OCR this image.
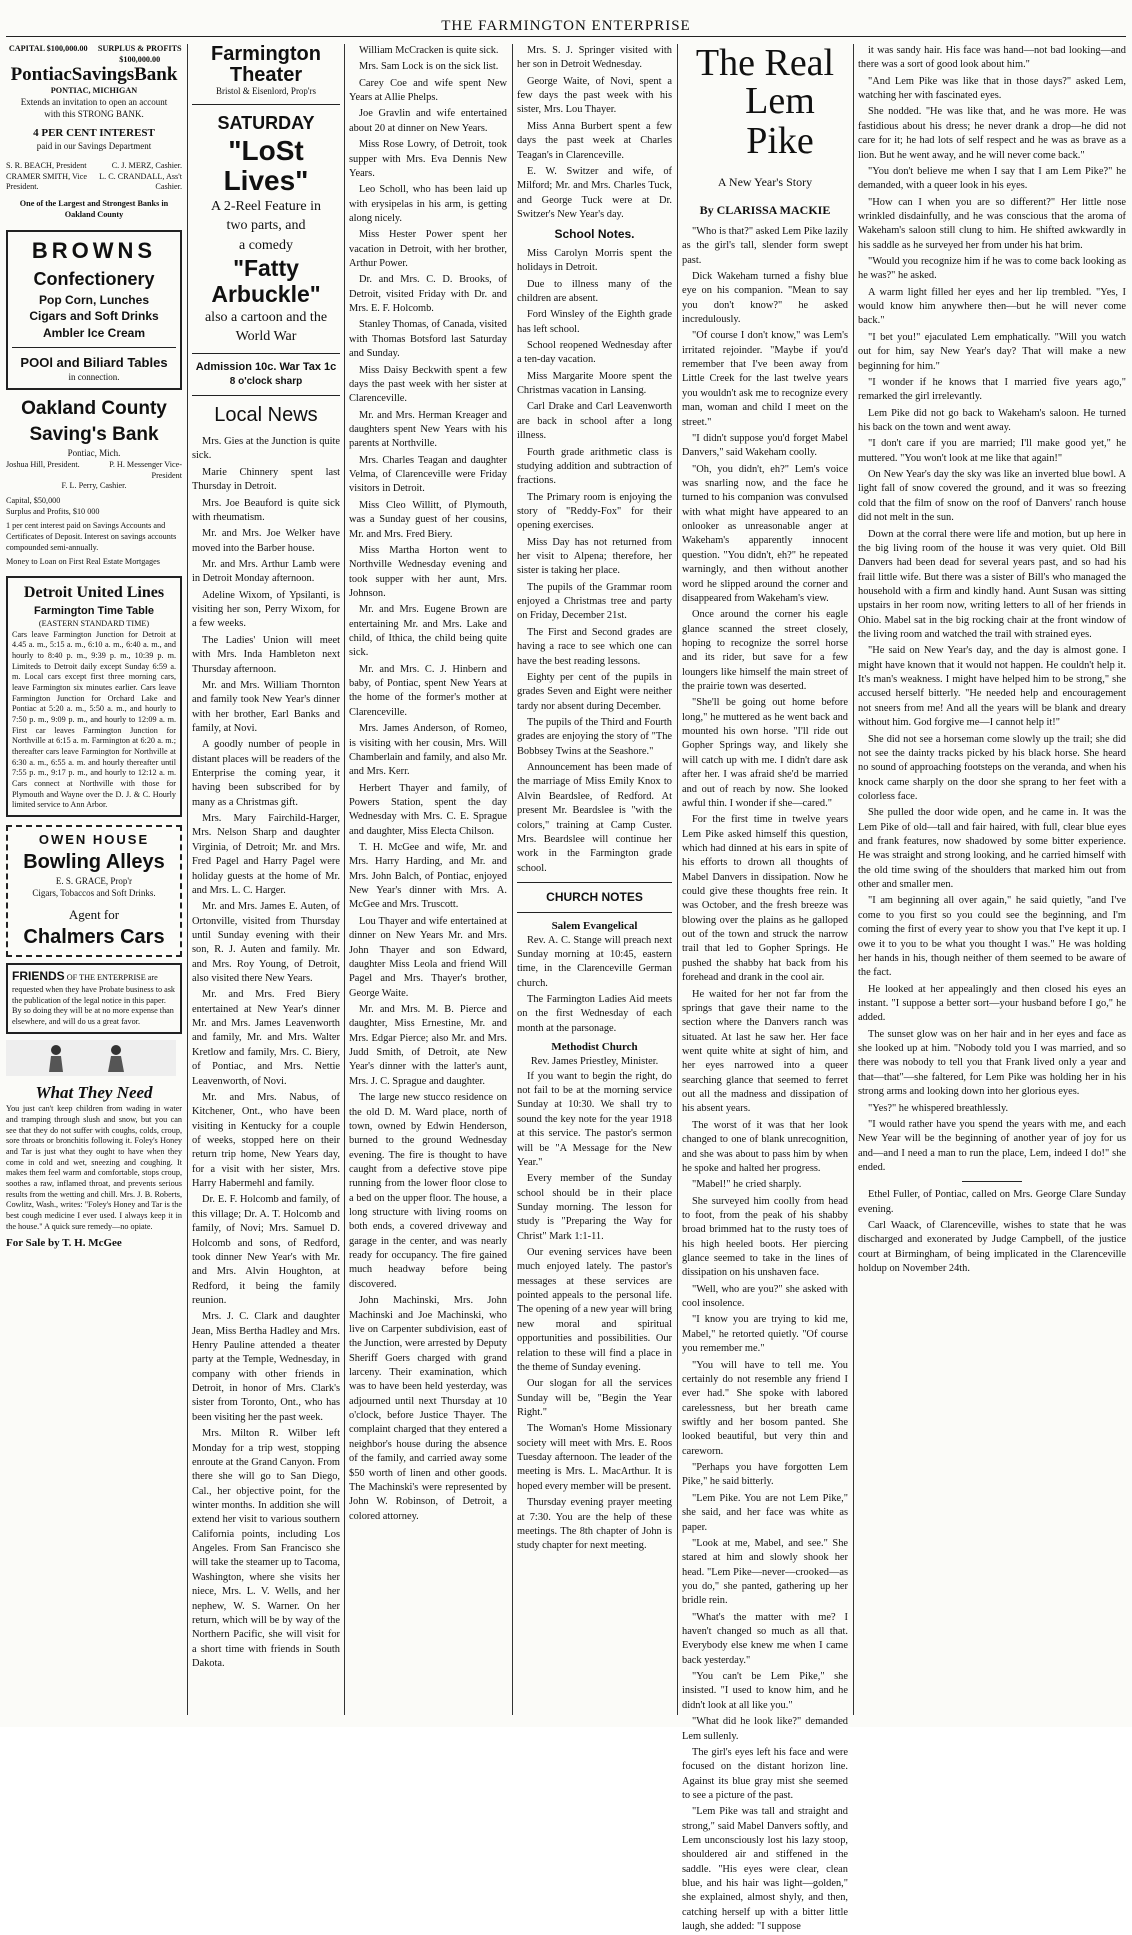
THE FARMINGTON ENTERPRISE
CAPITAL $100,000.00	SURPLUS & PROFITS $100,000.00
PontiacSavingsBank
PONTIAC, MICHIGAN
Extends an invitation to open an account
with this STRONG BANK.
4 PER CENT INTEREST
paid in our Savings Department
S. R. BEACH, President	C. J. MERZ, Cashier.
CRAMER SMITH, Vice President.
L. C. CRANDALL, Ass't Cashier.
One of the Largest and Strongest Banks in Oakland County
BROWNS
Confectionery
Pop Corn, Lunches
Cigars and Soft Drinks
Ambler Ice Cream
POOl and Biliard Tables
in connection.
Oakland County
Saving's Bank
Pontiac, Mich.
Joshua Hill, President.	P. H. Messenger Vice-President
F. L. Perry, Cashier.
Capital, $50,000
Surplus and Profits, $10 000
1 per cent interest paid on Savings Accounts and Certificates of Deposit. Interest on savings accounts compounded semi-annually.
Money to Loan on First Real Estate Mortgages
Detroit United Lines
Farmington Time Table
(EASTERN STANDARD TIME)
Cars leave Farmington Junction for Detroit at 4.45 a. m., 5:15 a. m., 6:10 a. m., 6:40 a. m., and hourly to 8:40 p. m., 9:39 p. m., 10:39 p. m. Limiteds to Detroit daily except Sunday 6:59 a. m. Local cars except first three morning cars, leave Farmington six minutes earlier. Cars leave Farmington Junction for Orchard Lake and Pontiac at 5:20 a. m., 5:50 a. m., and hourly to 7:50 p. m., 9:09 p. m., and hourly to 12:09 a. m. First car leaves Farmington Junction for Northville at 6:15 a. m. Farmington at 6:20 a. m.; thereafter cars leave Farmington for Northville at 6:30 a. m., 6:55 a. m. and hourly thereafter until 7:55 p. m., 9:17 p. m., and hourly to 12:12 a. m. Cars connect at Northville with those for Plymouth and Wayne over the D. J. & C. Hourly limited service to Ann Arbor.
OWEN HOUSE
Bowling Alleys
E. S. GRACE, Prop'r
Cigars, Tobaccos and Soft Drinks.
Agent for
Chalmers Cars
FRIENDS OF THE ENTERPRISE are requested when they have Probate business to ask the publication of the legal notice in this paper. By so doing they will be at no more expense than elsewhere, and will do us a great favor.
What They Need
You just can't keep children from wading in water and tramping through slush and snow, but you can see that they do not suffer with coughs, colds, croup, sore throats or bronchitis following it. Foley's Honey and Tar is just what they ought to have when they come in cold and wet, sneezing and coughing. It makes them feel warm and comfortable, stops croup, soothes a raw, inflamed throat, and prevents serious results from the wetting and chill. Mrs. J. B. Roberts, Cowlitz, Wash., writes: "Foley's Honey and Tar is the best cough medicine I ever used. I always keep it in the house." A quick sure remedy—no opiate.
For Sale by T. H. McGee
Farmington Theater
Bristol & Eisenlord, Prop'rs
SATURDAY
"LoSt Lives"
A 2-Reel Feature in
two parts, and
a comedy
"Fatty Arbuckle"
also a cartoon and the
World War
Admission 10c. War Tax 1c
8 o'clock sharp
Local News

Mrs. Gies at the Junction is quite sick.

Marie Chinnery spent last Thursday in Detroit.

Mrs. Joe Beauford is quite sick with rheumatism.

Mr. and Mrs. Joe Welker have moved into the Barber house.

Mr. and Mrs. Arthur Lamb were in Detroit Monday afternoon.

Adeline Wixom, of Ypsilanti, is visiting her son, Perry Wixom, for a few weeks.

The Ladies' Union will meet with Mrs. Inda Hambleton next Thursday afternoon.

Mr. and Mrs. William Thornton and family took New Year's dinner with her brother, Earl Banks and family, at Novi.

A goodly number of people in distant places will be readers of the Enterprise the coming year, it having been subscribed for by many as a Christmas gift.

Mrs. Mary Fairchild-Harger, Mrs. Nelson Sharp and daughter Virginia, of Detroit; Mr. and Mrs. Fred Pagel and Harry Pagel were holiday guests at the home of Mr. and Mrs. L. C. Harger.

Mr. and Mrs. James E. Auten, of Ortonville, visited from Thursday until Sunday evening with their son, R. J. Auten and family. Mr. and Mrs. Roy Young, of Detroit, also visited there New Years.

Mr. and Mrs. Fred Biery entertained at New Year's dinner Mr. and Mrs. James Leavenworth and family, Mr. and Mrs. Walter Kretlow and family, Mrs. C. Biery, of Pontiac, and Mrs. Nettie Leavenworth, of Novi.

Mr. and Mrs. Nabus, of Kitchener, Ont., who have been visiting in Kentucky for a couple of weeks, stopped here on their return trip home, New Years day, for a visit with her sister, Mrs. Harry Habermehl and family.

Dr. E. F. Holcomb and family, of this village; Dr. A. T. Holcomb and family, of Novi; Mrs. Samuel D. Holcomb and sons, of Redford, took dinner New Year's with Mr. and Mrs. Alvin Houghton, at Redford, it being the family reunion.

Mrs. J. C. Clark and daughter Jean, Miss Bertha Hadley and Mrs. Henry Pauline attended a theater party at the Temple, Wednesday, in company with other friends in Detroit, in honor of Mrs. Clark's sister from Toronto, Ont., who has been visiting her the past week.

Mrs. Milton R. Wilber left Monday for a trip west, stopping enroute at the Grand Canyon. From there she will go to San Diego, Cal., her objective point, for the winter months. In addition she will extend her visit to various southern California points, including Los Angeles. From San Francisco she will take the steamer up to Tacoma, Washington, where she visits her niece, Mrs. L. V. Wells, and her nephew, W. S. Warner. On her return, which will be by way of the Northern Pacific, she will visit for a short time with friends in South Dakota.

William McCracken is quite sick.

Mrs. Sam Lock is on the sick list.

Carey Coe and wife spent New Years at Allie Phelps.

Joe Gravlin and wife entertained about 20 at dinner on New Years.

Miss Rose Lowry, of Detroit, took supper with Mrs. Eva Dennis New Years.

Leo Scholl, who has been laid up with erysipelas in his arm, is getting along nicely.

Miss Hester Power spent her vacation in Detroit, with her brother, Arthur Power.

Dr. and Mrs. C. D. Brooks, of Detroit, visited Friday with Dr. and Mrs. E. F. Holcomb.

Stanley Thomas, of Canada, visited with Thomas Botsford last Saturday and Sunday.

Miss Daisy Beckwith spent a few days the past week with her sister at Clarenceville.

Mr. and Mrs. Herman Kreager and daughters spent New Years with his parents at Northville.

Mrs. Charles Teagan and daughter Velma, of Clarenceville were Friday visitors in Detroit.

Miss Cleo Willitt, of Plymouth, was a Sunday guest of her cousins, Mr. and Mrs. Fred Biery.

Miss Martha Horton went to Northville Wednesday evening and took supper with her aunt, Mrs. Johnson.

Mr. and Mrs. Eugene Brown are entertaining Mr. and Mrs. Lake and child, of Ithica, the child being quite sick.

Mr. and Mrs. C. J. Hinbern and baby, of Pontiac, spent New Years at the home of the former's mother at Clarenceville.

Mrs. James Anderson, of Romeo, is visiting with her cousin, Mrs. Will Chamberlain and family, and also Mr. and Mrs. Kerr.

Herbert Thayer and family, of Powers Station, spent the day Wednesday with Mrs. C. E. Sprague and daughter, Miss Electa Chilson.

T. H. McGee and wife, Mr. and Mrs. Harry Harding, and Mr. and Mrs. John Balch, of Pontiac, enjoyed New Year's dinner with Mrs. A. McGee and Mrs. Truscott.

Lou Thayer and wife entertained at dinner on New Years Mr. and Mrs. John Thayer and son Edward, daughter Miss Leola and friend Will Pagel and Mrs. Thayer's brother, George Waite.

Mr. and Mrs. M. B. Pierce and daughter, Miss Ernestine, Mr. and Mrs. Edgar Pierce; also Mr. and Mrs. Judd Smith, of Detroit, ate New Year's dinner with the latter's aunt, Mrs. J. C. Sprague and daughter.

The large new stucco residence on the old D. M. Ward place, north of town, owned by Edwin Henderson, burned to the ground Wednesday evening. The fire is thought to have caught from a defective stove pipe running from the lower floor close to a bed on the upper floor. The house, a long structure with living rooms on both ends, a covered driveway and garage in the center, and was nearly ready for occupancy. The fire gained much headway before being discovered.

John Machinski, Mrs. John Machinski and Joe Machinski, who live on Carpenter subdivision, east of the Junction, were arrested by Deputy Sheriff Goers charged with grand larceny. Their examination, which was to have been held yesterday, was adjourned until next Thursday at 10 o'clock, before Justice Thayer. The complaint charged that they entered a neighbor's house during the absence of the family, and carried away some $50 worth of linen and other goods. The Machinski's were represented by John W. Robinson, of Detroit, a colored attorney.

Mrs. S. J. Springer visited with her son in Detroit Wednesday.

George Waite, of Novi, spent a few days the past week with his sister, Mrs. Lou Thayer.

Miss Anna Burbert spent a few days the past week at Charles Teagan's in Clarenceville.

E. W. Switzer and wife, of Milford; Mr. and Mrs. Charles Tuck, and George Tuck were at Dr. Switzer's New Year's day.

School Notes.

Miss Carolyn Morris spent the holidays in Detroit.

Due to illness many of the children are absent.

Ford Winsley of the Eighth grade has left school.

School reopened Wednesday after a ten-day vacation.

Miss Margarite Moore spent the Christmas vacation in Lansing.

Carl Drake and Carl Leavenworth are back in school after a long illness.

Fourth grade arithmetic class is studying addition and subtraction of fractions.

The Primary room is enjoying the story of "Reddy-Fox" for their opening exercises.

Miss Day has not returned from her visit to Alpena; therefore, her sister is taking her place.

The pupils of the Grammar room enjoyed a Christmas tree and party on Friday, December 21st.

The First and Second grades are having a race to see which one can have the best reading lessons.

Eighty per cent of the pupils in grades Seven and Eight were neither tardy nor absent during December.

The pupils of the Third and Fourth grades are enjoying the story of "The Bobbsey Twins at the Seashore."

Announcement has been made of the marriage of Miss Emily Knox to Alvin Beardslee, of Redford. At present Mr. Beardslee is "with the colors," training at Camp Custer. Mrs. Beardslee will continue her work in the Farmington grade school.

CHURCH NOTES
Salem Evangelical

Rev. A. C. Stange will preach next Sunday morning at 10:45, eastern time, in the Clarenceville German church.

The Farmington Ladies Aid meets on the first Wednesday of each month at the parsonage.

Methodist Church
Rev. James Priestley, Minister.

If you want to begin the right, do not fail to be at the morning service Sunday at 10:30. We shall try to sound the key note for the year 1918 at this service. The pastor's sermon will be "A Message for the New Year."

Every member of the Sunday school should be in their place Sunday morning. The lesson for study is "Preparing the Way for Christ" Mark 1:1-11.

Our evening services have been much enjoyed lately. The pastor's messages at these services are pointed appeals to the personal life. The opening of a new year will bring new moral and spiritual opportunities and possibilities. Our relation to these will find a place in the theme of Sunday evening.

Our slogan for all the services Sunday will be, "Begin the Year Right."

The Woman's Home Missionary society will meet with Mrs. E. Roos Tuesday afternoon. The leader of the meeting is Mrs. L. MacArthur. It is hoped every member will be present.

Thursday evening prayer meeting at 7:30. You are the help of these meetings. The 8th chapter of John is study chapter for next meeting.

The Real
Lem Pike
A New Year's Story
By CLARISSA MACKIE

"Who is that?" asked Lem Pike lazily as the girl's tall, slender form swept past.

Dick Wakeham turned a fishy blue eye on his companion. "Mean to say you don't know?" he asked incredulously.

"Of course I don't know," was Lem's irritated rejoinder. "Maybe if you'd remember that I've been away from Little Creek for the last twelve years you wouldn't ask me to recognize every man, woman and child I meet on the street."

"I didn't suppose you'd forget Mabel Danvers," said Wakeham coolly.

"Oh, you didn't, eh?" Lem's voice was snarling now, and the face he turned to his companion was convulsed with what might have appeared to an onlooker as unreasonable anger at Wakeham's apparently innocent question. "You didn't, eh?" he repeated warningly, and then without another word he slipped around the corner and disappeared from Wakeham's view.

Once around the corner his eagle glance scanned the street closely, hoping to recognize the sorrel horse and its rider, but save for a few loungers like himself the main street of the prairie town was deserted.

"She'll be going out home before long," he muttered as he went back and mounted his own horse. "I'll ride out Gopher Springs way, and likely she will catch up with me. I didn't dare ask after her. I was afraid she'd be married and out of reach by now. She looked awful thin. I wonder if she—cared."

For the first time in twelve years Lem Pike asked himself this question, which had dinned at his ears in spite of his efforts to drown all thoughts of Mabel Danvers in dissipation. Now he could give these thoughts free rein. It was October, and the fresh breeze was blowing over the plains as he galloped out of the town and struck the narrow trail that led to Gopher Springs. He pushed the shabby hat back from his forehead and drank in the cool air.

He waited for her not far from the springs that gave their name to the section where the Danvers ranch was situated. At last he saw her. Her face went quite white at sight of him, and her eyes narrowed into a queer searching glance that seemed to ferret out all the madness and dissipation of his absent years.

The worst of it was that her look changed to one of blank unrecognition, and she was about to pass him by when he spoke and halted her progress.

"Mabel!" he cried sharply.

She surveyed him coolly from head to foot, from the peak of his shabby broad brimmed hat to the rusty toes of his high heeled boots. Her piercing glance seemed to take in the lines of dissipation on his unshaven face.

"Well, who are you?" she asked with cool insolence.

"I know you are trying to kid me, Mabel," he retorted quietly. "Of course you remember me."

"You will have to tell me. You certainly do not resemble any friend I ever had." She spoke with labored carelessness, but her breath came swiftly and her bosom panted. She looked beautiful, but very thin and careworn.

"Perhaps you have forgotten Lem Pike," he said bitterly.

"Lem Pike. You are not Lem Pike," she said, and her face was white as paper.

"Look at me, Mabel, and see." She stared at him and slowly shook her head. "Lem Pike—never—crooked—as you do," she panted, gathering up her bridle rein.

"What's the matter with me? I haven't changed so much as all that. Everybody else knew me when I came back yesterday."

"You can't be Lem Pike," she insisted. "I used to know him, and he didn't look at all like you."

"What did he look like?" demanded Lem sullenly.

The girl's eyes left his face and were focused on the distant horizon line. Against its blue gray mist she seemed to see a picture of the past.

"Lem Pike was tall and straight and strong," said Mabel Danvers softly, and Lem unconsciously lost his lazy stoop, shouldered air and stiffened in the saddle. "His eyes were clear, clean blue, and his hair was light—golden," she explained, almost shyly, and then, catching herself up with a bitter little laugh, she added: "I suppose

it was sandy hair. His face was hand—not bad looking—and there was a sort of good look about him."

"And Lem Pike was like that in those days?" asked Lem, watching her with fascinated eyes.

She nodded. "He was like that, and he was more. He was fastidious about his dress; he never drank a drop—he did not care for it; he had lots of self respect and he was as brave as a lion. But he went away, and he will never come back."

"You don't believe me when I say that I am Lem Pike?" he demanded, with a queer look in his eyes.

"How can I when you are so different?" Her little nose wrinkled disdainfully, and he was conscious that the aroma of Wakeham's saloon still clung to him. He shifted awkwardly in his saddle as he surveyed her from under his hat brim.

"Would you recognize him if he was to come back looking as he was?" he asked.

A warm light filled her eyes and her lip trembled. "Yes, I would know him anywhere then—but he will never come back."

"I bet you!" ejaculated Lem emphatically. "Will you watch out for him, say New Year's day? That will make a new beginning for him."

"I wonder if he knows that I married five years ago," remarked the girl irrelevantly.

Lem Pike did not go back to Wakeham's saloon. He turned his back on the town and went away.

"I don't care if you are married; I'll make good yet," he muttered. "You won't look at me like that again!"

On New Year's day the sky was like an inverted blue bowl. A light fall of snow covered the ground, and it was so freezing cold that the film of snow on the roof of Danvers' ranch house did not melt in the sun.

Down at the corral there were life and motion, but up here in the big living room of the house it was very quiet. Old Bill Danvers had been dead for several years past, and so had his frail little wife. But there was a sister of Bill's who managed the household with a firm and kindly hand. Aunt Susan was sitting upstairs in her room now, writing letters to all of her friends in Ohio. Mabel sat in the big rocking chair at the front window of the living room and watched the trail with strained eyes.

"He said on New Year's day, and the day is almost gone. I might have known that it would not happen. He couldn't help it. It's man's weakness. I might have helped him to be strong," she accused herself bitterly. "He needed help and encouragement not sneers from me! And all the years will be blank and dreary without him. God forgive me—I cannot help it!"

She did not see a horseman come slowly up the trail; she did not see the dainty tracks picked by his black horse. She heard no sound of approaching footsteps on the veranda, and when his knock came sharply on the door she sprang to her feet with a colorless face.

She pulled the door wide open, and he came in. It was the Lem Pike of old—tall and fair haired, with full, clear blue eyes and frank features, now shadowed by some bitter experience. He was straight and strong looking, and he carried himself with the old time swing of the shoulders that marked him out from other and smaller men.

"I am beginning all over again," he said quietly, "and I've come to you first so you could see the beginning, and I'm coming the first of every year to show you that I've kept it up. I owe it to you to be what you thought I was." He was holding her hands in his, though neither of them seemed to be aware of the fact.

He looked at her appealingly and then closed his eyes an instant. "I suppose a better sort—your husband before I go," he added.

The sunset glow was on her hair and in her eyes and face as she looked up at him. "Nobody told you I was married, and so there was nobody to tell you that Frank lived only a year and that—that"—she faltered, for Lem Pike was holding her in his strong arms and looking down into her glorious eyes.

"Yes?" he whispered breathlessly.

"I would rather have you spend the years with me, and each New Year will be the beginning of another year of joy for us and—and I need a man to run the place, Lem, indeed I do!" she ended.

Ethel Fuller, of Pontiac, called on Mrs. George Clare Sunday evening.

Carl Waack, of Clarenceville, wishes to state that he was discharged and exonerated by Judge Campbell, of the justice court at Birmingham, of being implicated in the Clarenceville holdup on November 24th.
